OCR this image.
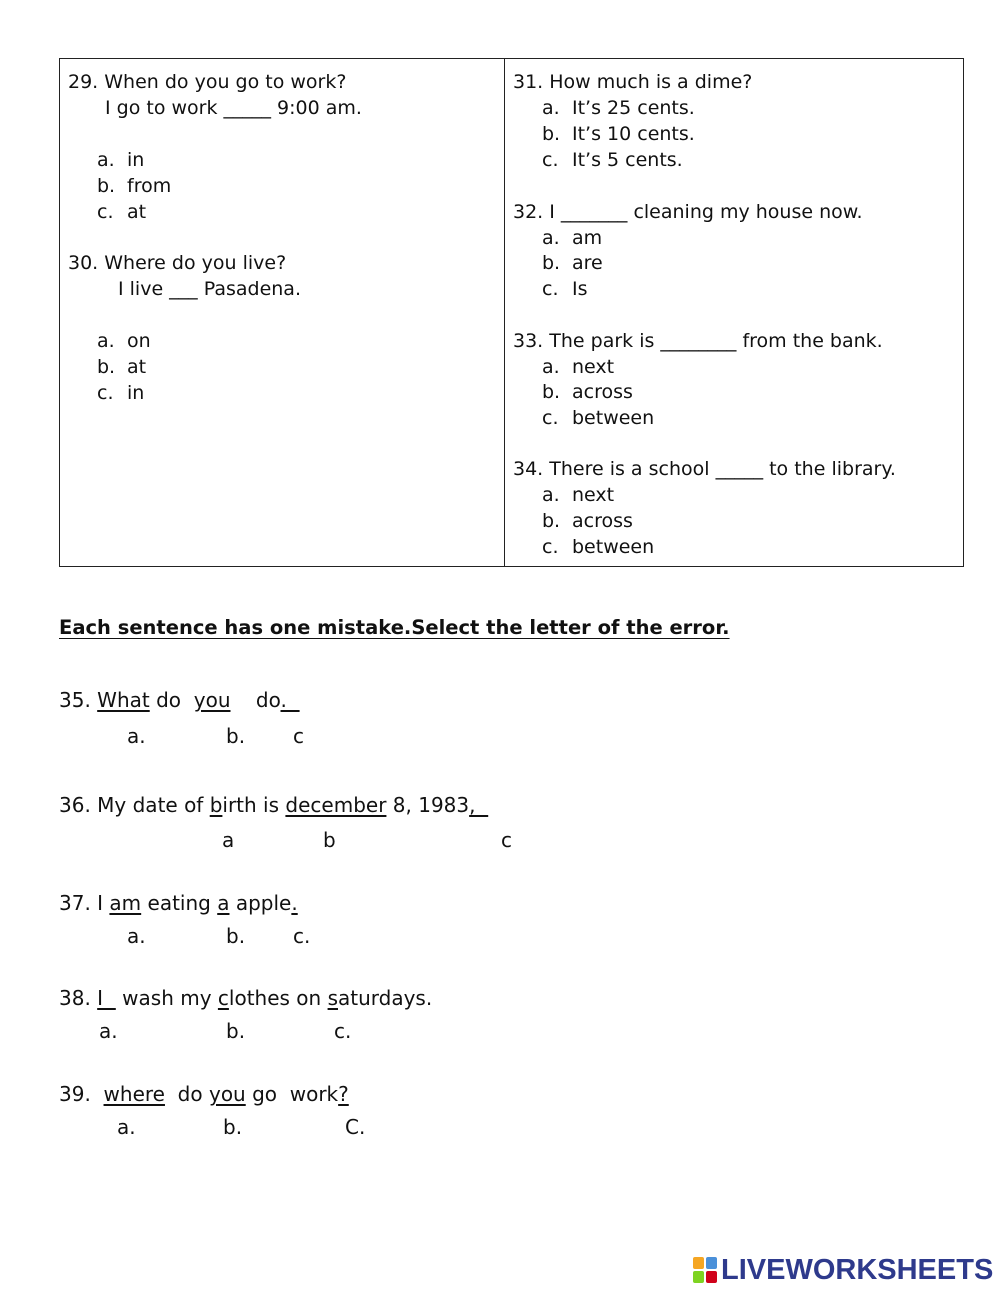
29. When do you go to work?
I go to work _____ 9:00 am.
a. in
b. from
c. at
30. Where do you live?
I live ___ Pasadena.
a. on
b. at
c. in
31. How much is a dime?
a. It’s 25 cents.
b. It’s 10 cents.
c. It’s 5 cents.
32. I _______ cleaning my house now.
a. am
b. are
c. Is
33. The park is ________ from the bank.
a. next
b. across
c. between
34. There is a school _____ to the library.
a. next
b. across
c. between
Each sentence has one mistake.Select the letter of the error.
35. What do  you    do.
a.	b. c
36. My date of birth is december 8, 1983,
a	b	c
37. I am eating a apple.
a.	b. c.
38. I   wash my clothes on saturdays.
a.	b.	c.
39.  where  do you go  work?
a.	b.	C.
LIVEWORKSHEETS
